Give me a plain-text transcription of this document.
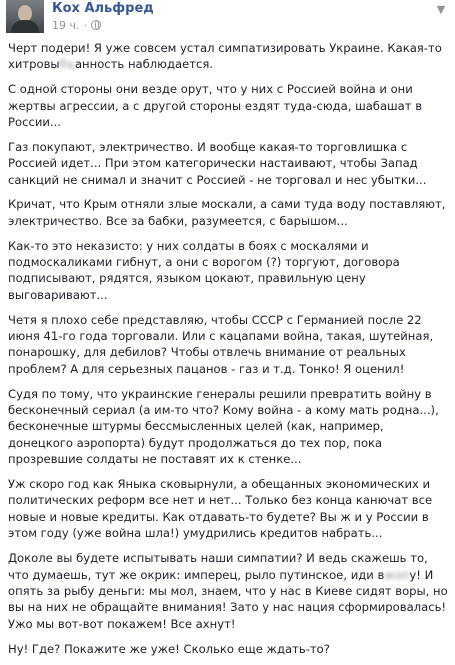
Кох Альфред
19 ч. ·
▼

Черт подери! Я уже совсем устал симпатизировать Украине. Какая-то хитровыбъанность наблюдается.

С одной стороны они везде орут, что у них с Россией война и они жертвы агрессии, а с другой стороны ездят туда-сюда, шабашат в России...

Газ покупают, электричество. И вообще какая-то торговлишка с Россией идет... При этом категорически настаивают, чтобы Запад санкций не снимал и значит с Россией - не торговал и нес убытки...

Кричат, что Крым отняли злые москали, а сами туда воду поставляют, электричество. Все за бабки, разумеется, с барышом...

Как-то это неказисто: у них солдаты в боях с москалями и подмоскаликами гибнут, а они с ворогом (?) торгуют, договора подписывают, рядятся, языком цокают, правильную цену выговаривают...

Четя я плохо себе представляю, чтобы СССР с Германией после 22 июня 41-го года торговали. Или с кацапами война, такая, шутейная, понарошку, для дебилов? Чтобы отвлечь внимание от реальных проблем? А для серьезных пацанов - газ и т.д. Тонко! Я оценил!

Судя по тому, что украинские генералы решили превратить войну в бесконечный сериал (а им-то что? Кому война - а кому мать родна...), бесконечные штурмы бессмысленных целей (как, например, донецкого аэропорта) будут продолжаться до тех пор, пока прозревшие солдаты не поставят их к стенке...

Уж скоро год как Яныка сковырнули, а обещанных экономических и политических реформ все нет и нет... Только без конца канючат все новые и новые кредиты. Как отдавать-то будете? Вы ж и у России в этом году (уже война шла!) умудрились кредитов набрать...

Доколе вы будете испытывать наши симпатии? И ведь скажешь то, что думаешь, тут же окрик: имперец, рыло путинское, иди вжопу! И опять за рыбу деньги: мы мол, знаем, что у нас в Киеве сидят воры, но вы на них не обращайте внимания! Зато у нас нация сформировалась! Ужо мы вот-вот покажем! Все ахнут!

Ну! Где? Покажите же уже! Сколько еще ждать-то?
